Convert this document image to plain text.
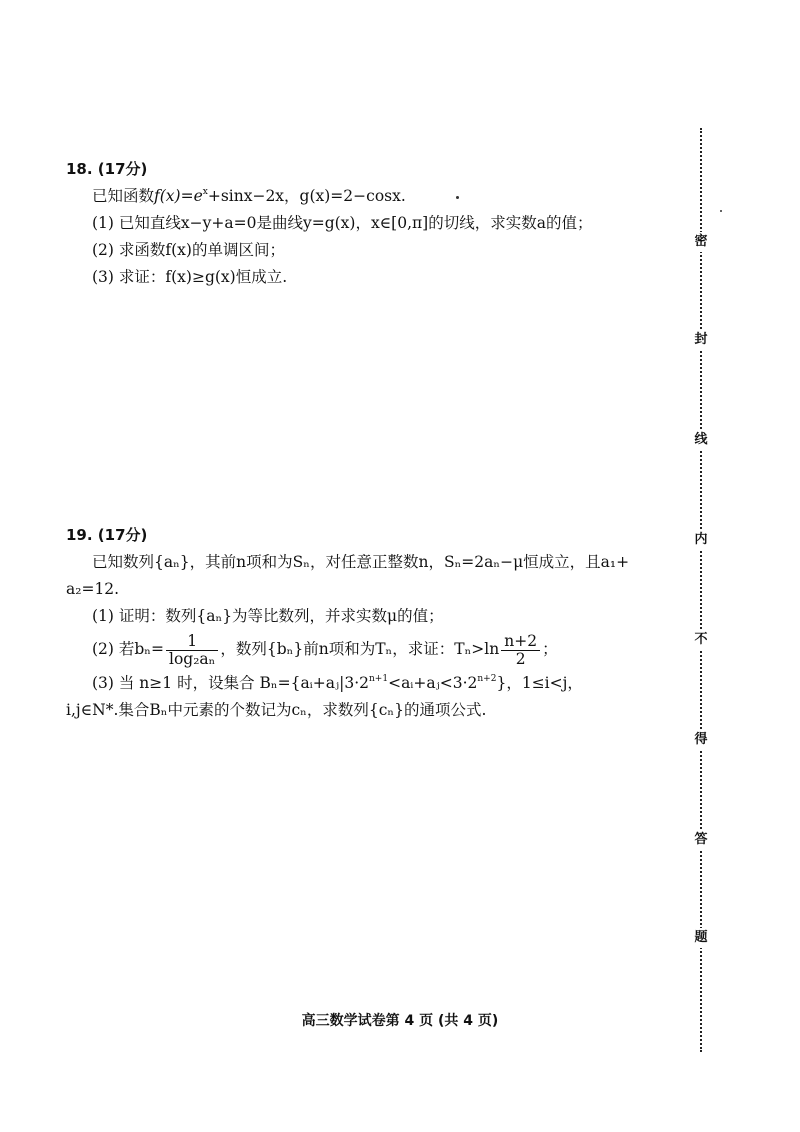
18. (17分)
已知函数$f(x)=e^x+\sin x-2x$，g(x)=2−cosx.
(1) 已知直线x−y+a=0是曲线y=g(x)，x∈[0,π]的切线，求实数a的值；
(2) 求函数f(x)的单调区间；
(3) 求证：f(x)≥g(x)恒成立.
19. (17分)
已知数列{aₙ}，其前n项和为Sₙ，对任意正整数n，Sₙ=2aₙ−μ恒成立，且a₁+
a₂=12.
(1) 证明：数列{aₙ}为等比数列，并求实数μ的值；
(2) 若$b_n= \frac{1}{\text{log₂aₙ}}$ ，数列{bₙ}前n项和为Tₙ，求证：$T_n>\ln \frac{n+2}{2}$ ；
(3) 当 n≥1 时，设集合 $B_n=\{aᵢ+aⱼ|3\cdot 2^{n+1}<aᵢ+aⱼ<3\cdot 2^{n+2}\}$，1≤i<j，
i,j∈N*.集合Bₙ中元素的个数记为cₙ，求数列{cₙ}的通项公式.
高三数学试卷第 4 页 (共 4 页)
密
封
线
内
不
得
答
题
